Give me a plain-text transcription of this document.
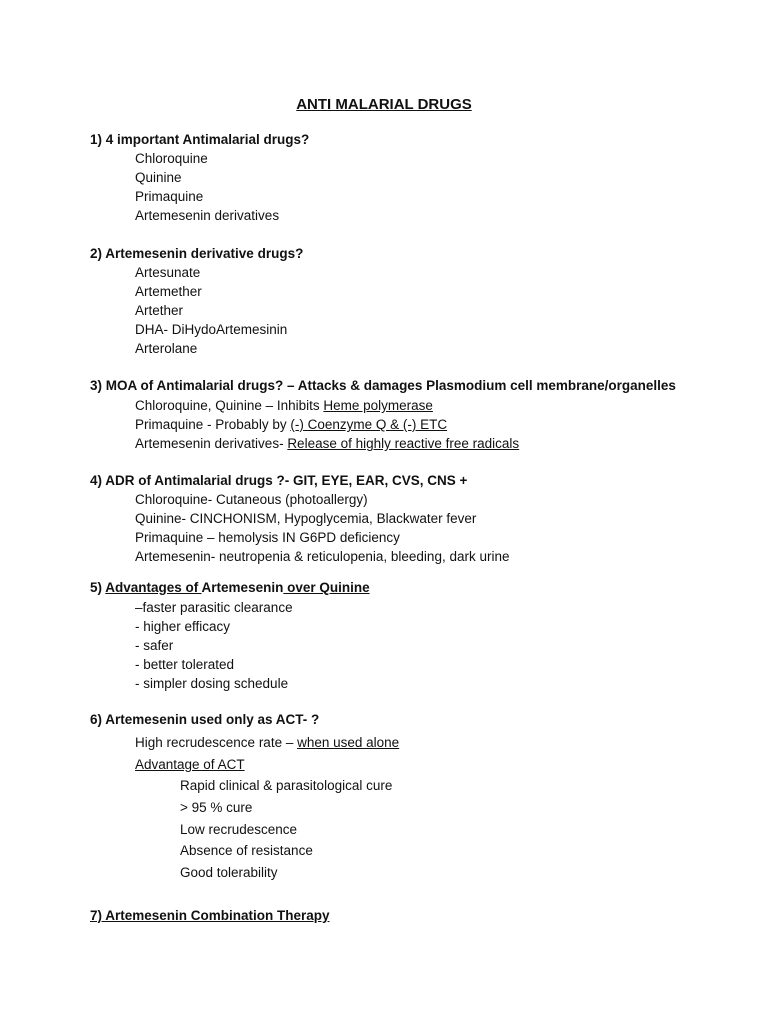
ANTI MALARIAL DRUGS
1) 4 important Antimalarial drugs?
Chloroquine
Quinine
Primaquine
Artemesenin derivatives
2) Artemesenin derivative drugs?
Artesunate
Artemether
Artether
DHA- DiHydoArtemesinin
Arterolane
3) MOA of Antimalarial drugs? – Attacks & damages Plasmodium cell membrane/organelles
Chloroquine, Quinine – Inhibits Heme polymerase
Primaquine - Probably by (-) Coenzyme Q & (-) ETC
Artemesenin derivatives- Release of highly reactive free radicals
4) ADR of Antimalarial drugs ?- GIT, EYE, EAR, CVS, CNS +
Chloroquine- Cutaneous (photoallergy)
Quinine- CINCHONISM, Hypoglycemia, Blackwater fever
Primaquine – hemolysis IN G6PD deficiency
Artemesenin- neutropenia & reticulopenia, bleeding, dark urine
5) Advantages of Artemesenin over Quinine
–faster parasitic clearance
- higher efficacy
- safer
- better tolerated
- simpler dosing schedule
6) Artemesenin used only as ACT- ?
High recrudescence rate – when used alone
Advantage of ACT
Rapid clinical & parasitological cure
> 95 % cure
Low recrudescence
Absence of resistance
Good tolerability
7) Artemesenin Combination Therapy
